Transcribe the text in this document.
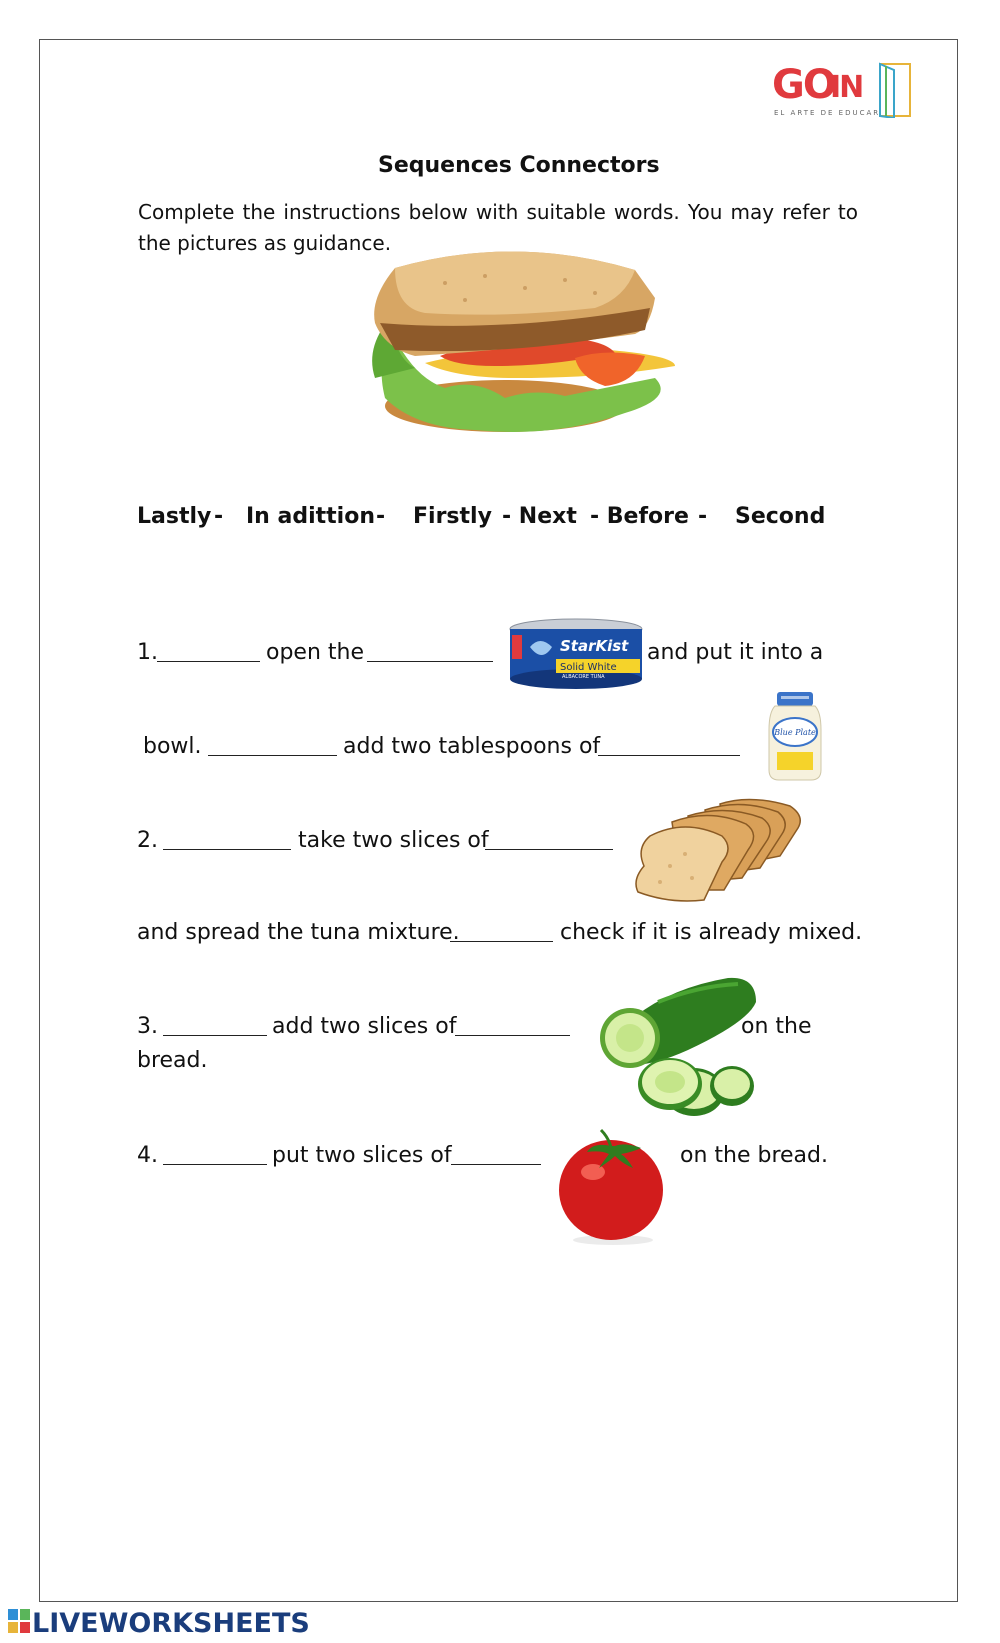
GO
IN
EL ARTE DE EDUCAR
Sequences Connectors
Complete the instructions below with suitable words. You may refer to the pictures as guidance.
Lastly - In adittion - Firstly - Next - Before - Second
1.	open the	StarKist
Solid White
ALBACORE TUNA
and put it into a
bowl.	add two tablespoons of
Blue Plate
2.	take two slices of
and spread the tuna mixture.	check if it is already mixed.
3.	add two slices of	on the
bread.
4.	put two slices of	on the bread.
LIVEWORKSHEETS
